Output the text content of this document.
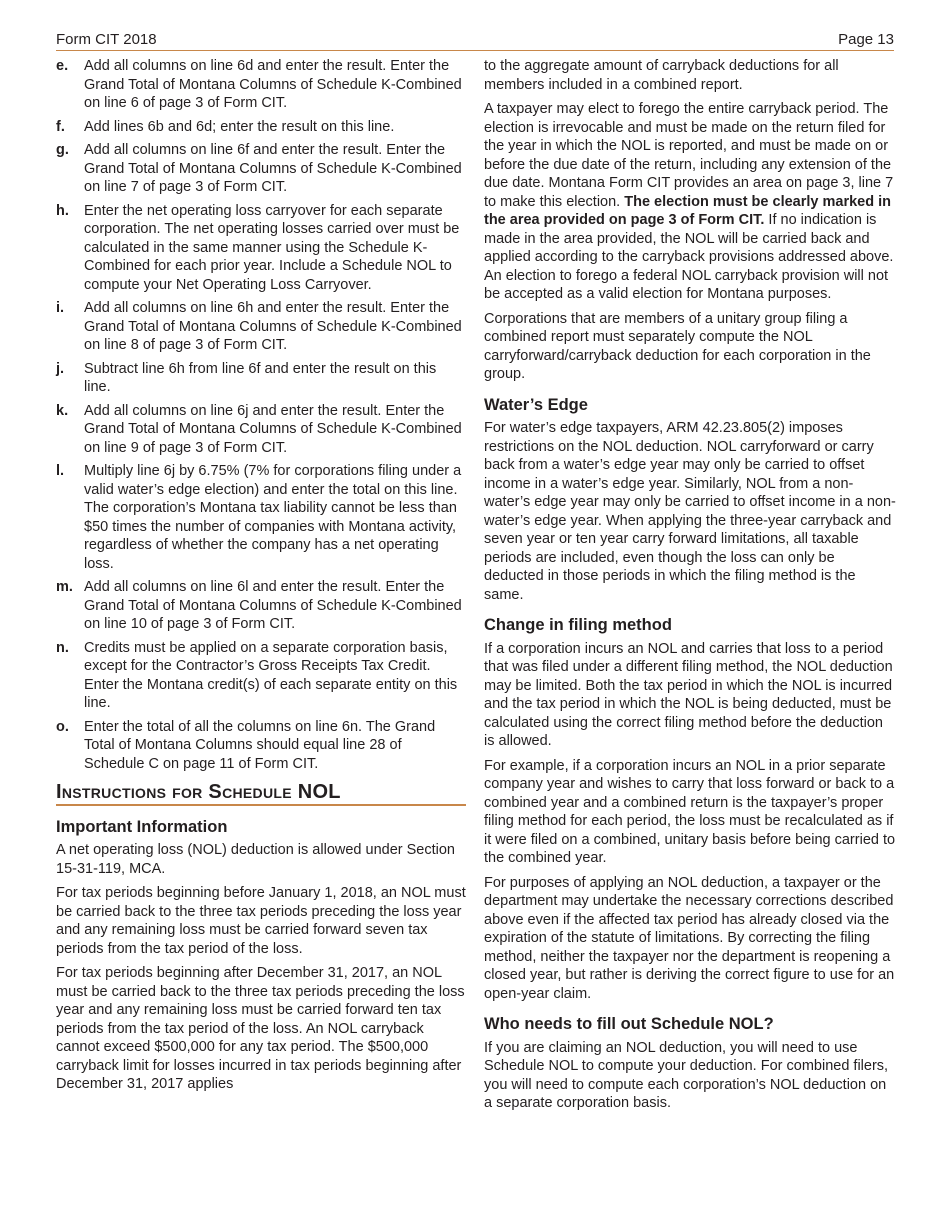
Form CIT 2018	Page 13
e.	Add all columns on line 6d and enter the result. Enter the Grand Total of Montana Columns of Schedule K-Combined on line 6 of page 3 of Form CIT.
f.	Add lines 6b and 6d; enter the result on this line.
g.	Add all columns on line 6f and enter the result. Enter the Grand Total of Montana Columns of Schedule K-Combined on line 7 of page 3 of Form CIT.
h.	Enter the net operating loss carryover for each separate corporation. The net operating losses carried over must be calculated in the same manner using the Schedule K-Combined for each prior year. Include a Schedule NOL to compute your Net Operating Loss Carryover.
i.	Add all columns on line 6h and enter the result. Enter the Grand Total of Montana Columns of Schedule K-Combined on line 8 of page 3 of Form CIT.
j.	Subtract line 6h from line 6f and enter the result on this line.
k.	Add all columns on line 6j and enter the result. Enter the Grand Total of Montana Columns of Schedule K-Combined on line 9 of page 3 of Form CIT.
l.	Multiply line 6j by 6.75% (7% for corporations filing under a valid water’s edge election) and enter the total on this line. The corporation’s Montana tax liability cannot be less than $50 times the number of companies with Montana activity, regardless of whether the company has a net operating loss.
m. Add all columns on line 6l and enter the result. Enter the Grand Total of Montana Columns of Schedule K-Combined on line 10 of page 3 of Form CIT.
n.	Credits must be applied on a separate corporation basis, except for the Contractor’s Gross Receipts Tax Credit. Enter the Montana credit(s) of each separate entity on this line.
o.	Enter the total of all the columns on line 6n. The Grand Total of Montana Columns should equal line 28 of Schedule C on page 11 of Form CIT.
Instructions for Schedule NOL
Important Information

A net operating loss (NOL) deduction is allowed under Section 15-31-119, MCA.

For tax periods beginning before January 1, 2018, an NOL must be carried back to the three tax periods preceding the loss year and any remaining loss must be carried forward seven tax periods from the tax period of the loss.

For tax periods beginning after December 31, 2017, an NOL must be carried back to the three tax periods preceding the loss year and any remaining loss must be carried forward ten tax periods from the tax period of the loss. An NOL carryback cannot exceed $500,000 for any tax period. The $500,000 carryback limit for losses incurred in tax periods beginning after December 31, 2017 applies

to the aggregate amount of carryback deductions for all members included in a combined report.

A taxpayer may elect to forego the entire carryback period. The election is irrevocable and must be made on the return filed for the year in which the NOL is reported, and must be made on or before the due date of the return, including any extension of the due date. Montana Form CIT provides an area on page 3, line 7 to make this election. The election must be clearly marked in the area provided on page 3 of Form CIT. If no indication is made in the area provided, the NOL will be carried back and applied according to the carryback provisions addressed above. An election to forego a federal NOL carryback provision will not be accepted as a valid election for Montana purposes.

Corporations that are members of a unitary group filing a combined report must separately compute the NOL carryforward/carryback deduction for each corporation in the group.

Water’s Edge

For water’s edge taxpayers, ARM 42.23.805(2) imposes restrictions on the NOL deduction. NOL carryforward or carry back from a water’s edge year may only be carried to offset income in a water’s edge year. Similarly, NOL from a non-water’s edge year may only be carried to offset income in a non-water’s edge year. When applying the three-year carryback and seven year or ten year carry forward limitations, all taxable periods are included, even though the loss can only be deducted in those periods in which the filing method is the same.

Change in filing method

If a corporation incurs an NOL and carries that loss to a period that was filed under a different filing method, the NOL deduction may be limited. Both the tax period in which the NOL is incurred and the tax period in which the NOL is being deducted, must be calculated using the correct filing method before the deduction is allowed.

For example, if a corporation incurs an NOL in a prior separate company year and wishes to carry that loss forward or back to a combined year and a combined return is the taxpayer’s proper filing method for each period, the loss must be recalculated as if it were filed on a combined, unitary basis before being carried to the combined year.

For purposes of applying an NOL deduction, a taxpayer or the department may undertake the necessary corrections described above even if the affected tax period has already closed via the expiration of the statute of limitations. By correcting the filing method, neither the taxpayer nor the department is reopening a closed year, but rather is deriving the correct figure to use for an open-year claim.

Who needs to fill out Schedule NOL?

If you are claiming an NOL deduction, you will need to use Schedule NOL to compute your deduction. For combined filers, you will need to compute each corporation’s NOL deduction on a separate corporation basis.
